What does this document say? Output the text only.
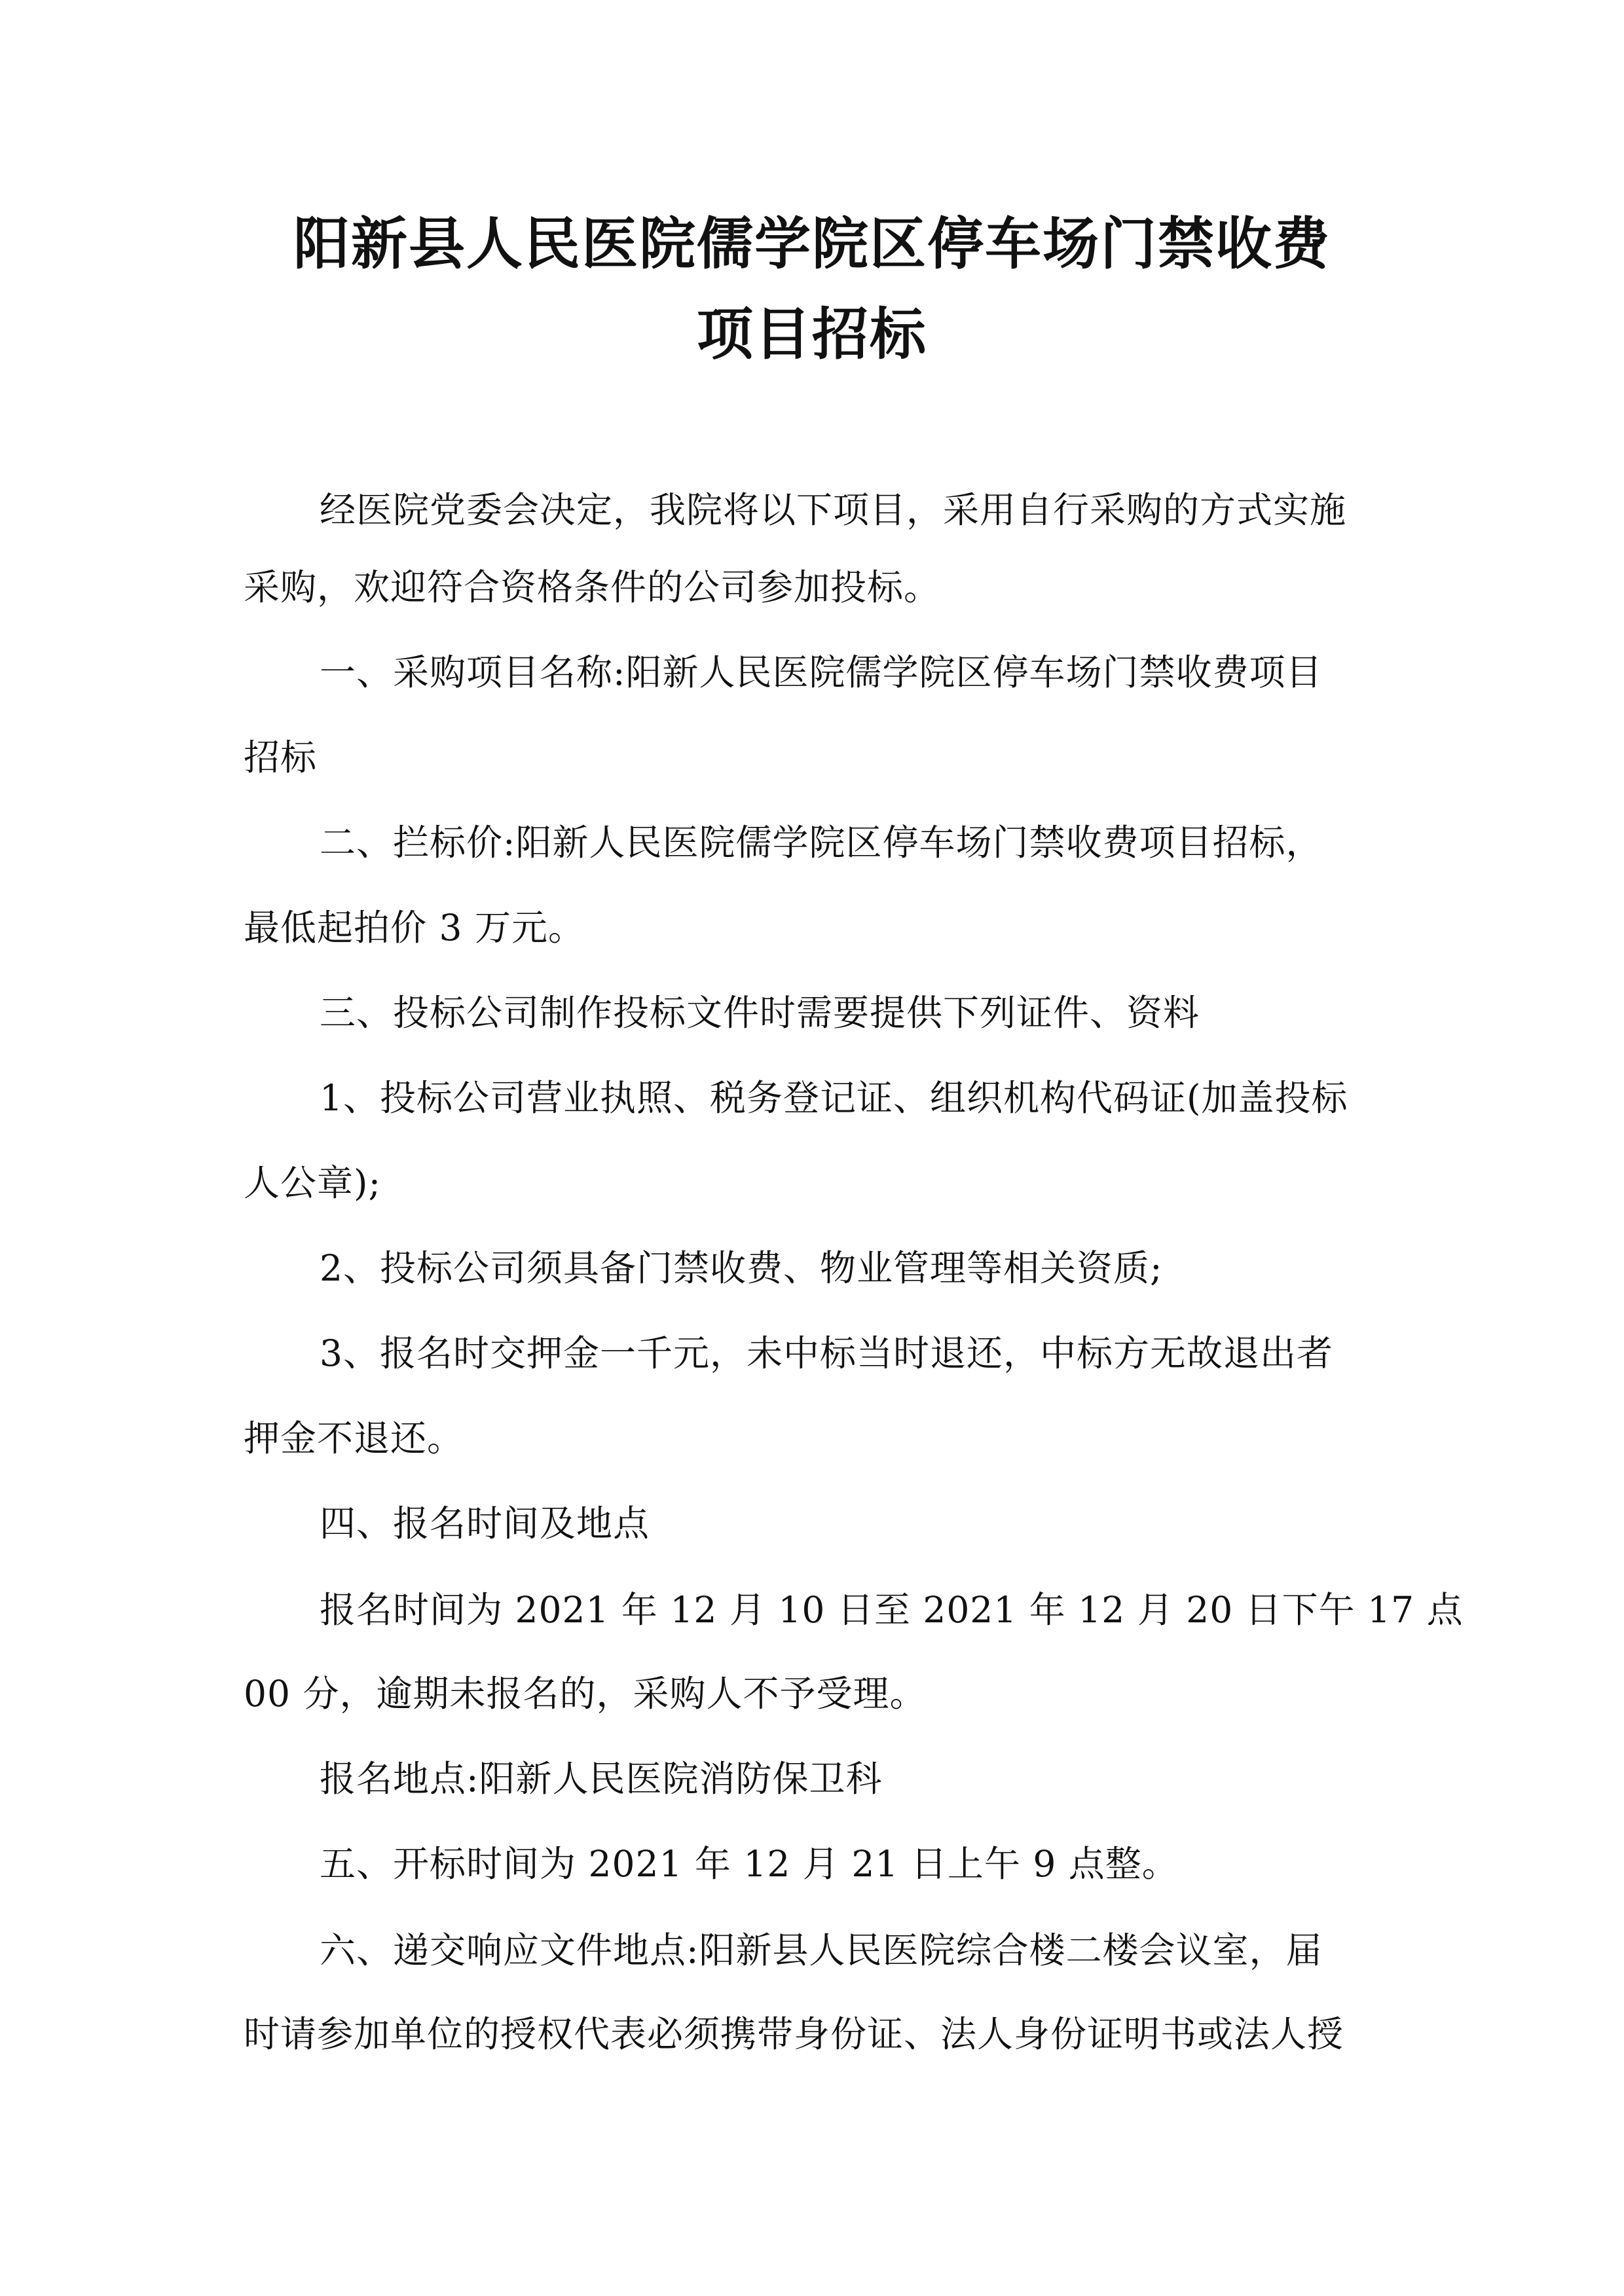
阳新县人民医院儒学院区停车场门禁收费
项目招标
经医院党委会决定，我院将以下项目，采用自行采购的方式实施
采购，欢迎符合资格条件的公司参加投标。
一、采购项目名称:阳新人民医院儒学院区停车场门禁收费项目
招标
二、拦标价:阳新人民医院儒学院区停车场门禁收费项目招标，
最低起拍价 3 万元。
三、投标公司制作投标文件时需要提供下列证件、资料
1、投标公司营业执照、税务登记证、组织机构代码证(加盖投标
人公章);
2、投标公司须具备门禁收费、物业管理等相关资质;
3、报名时交押金一千元，未中标当时退还，中标方无故退出者
押金不退还。
四、报名时间及地点
报名时间为 2021 年 12 月 10 日至 2021 年 12 月 20 日下午 17 点
00 分，逾期未报名的，采购人不予受理。
报名地点:阳新人民医院消防保卫科
五、开标时间为 2021 年 12 月 21 日上午 9 点整。
六、递交响应文件地点:阳新县人民医院综合楼二楼会议室，届
时请参加单位的授权代表必须携带身份证、法人身份证明书或法人授
